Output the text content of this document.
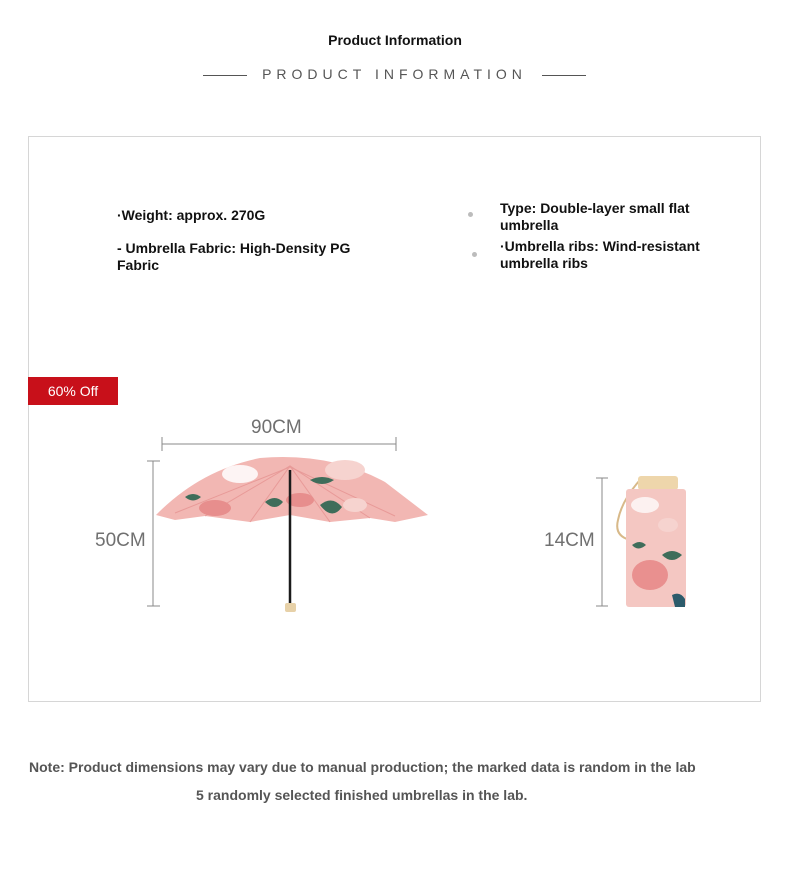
Product Information
PRODUCT INFORMATION
·Weight: approx. 270G
- Umbrella Fabric: High-Density PG Fabric
Type: Double-layer small flat umbrella
·Umbrella ribs: Wind-resistant umbrella ribs
60% Off
90CM
50CM	14CM
Note: Product dimensions may vary due to manual production; the marked data is random in the lab
5 randomly selected finished umbrellas in the lab.
